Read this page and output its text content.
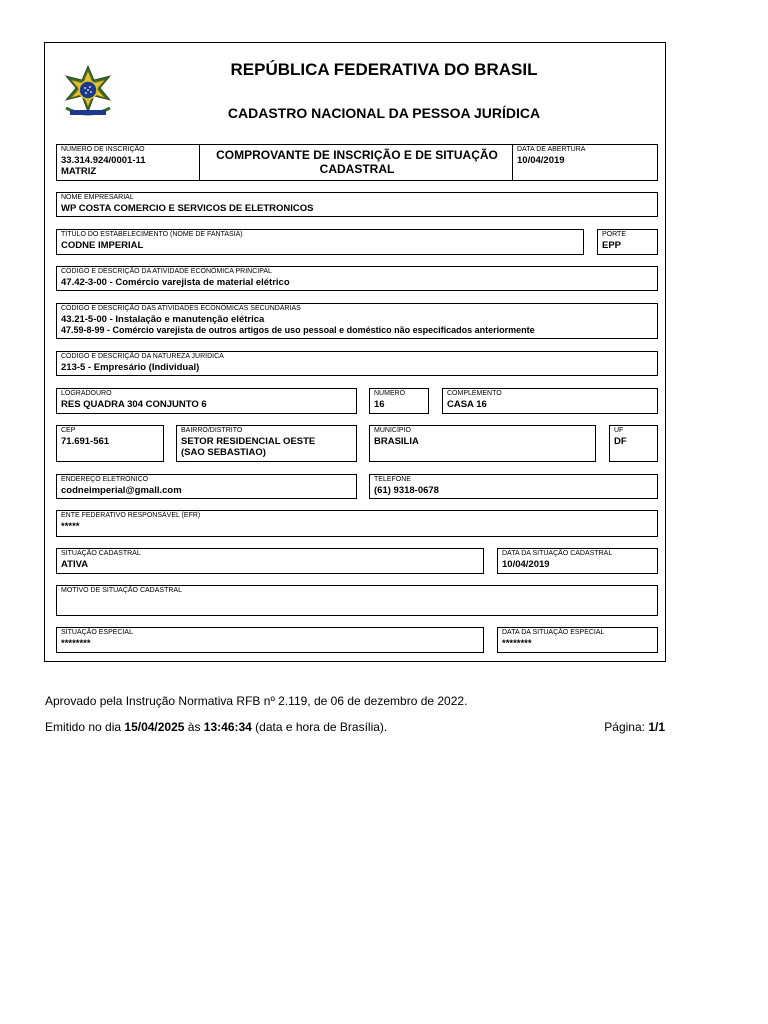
REPÚBLICA FEDERATIVA DO BRASIL
CADASTRO NACIONAL DA PESSOA JURÍDICA
NÚMERO DE INSCRIÇÃO
33.314.924/0001-11
MATRIZ
COMPROVANTE DE INSCRIÇÃO E DE SITUAÇÃO
CADASTRAL
DATA DE ABERTURA
10/04/2019
NOME EMPRESARIAL
WP COSTA COMERCIO E SERVICOS DE ELETRONICOS
TÍTULO DO ESTABELECIMENTO (NOME DE FANTASIA)
CODNE IMPERIAL
PORTE
EPP
CÓDIGO E DESCRIÇÃO DA ATIVIDADE ECONÔMICA PRINCIPAL
47.42-3-00 - Comércio varejista de material elétrico
CÓDIGO E DESCRIÇÃO DAS ATIVIDADES ECONÔMICAS SECUNDÁRIAS
43.21-5-00 - Instalação e manutenção elétrica
47.59-8-99 - Comércio varejista de outros artigos de uso pessoal e doméstico não especificados anteriormente
CÓDIGO E DESCRIÇÃO DA NATUREZA JURÍDICA
213-5 - Empresário (Individual)
LOGRADOURO
RES QUADRA 304 CONJUNTO 6
NÚMERO
16
COMPLEMENTO
CASA 16
CEP
71.691-561
BAIRRO/DISTRITO
SETOR RESIDENCIAL OESTE
(SAO SEBASTIAO)
MUNICÍPIO
BRASILIA
UF
DF
ENDEREÇO ELETRÔNICO
codneimperial@gmall.com
TELEFONE
(61) 9318-0678
ENTE FEDERATIVO RESPONSÁVEL (EFR)
*****
SITUAÇÃO CADASTRAL
ATIVA
DATA DA SITUAÇÃO CADASTRAL
10/04/2019
MOTIVO DE SITUAÇÃO CADASTRAL
SITUAÇÃO ESPECIAL
********
DATA DA SITUAÇÃO ESPECIAL
********
Aprovado pela Instrução Normativa RFB nº 2.119, de 06 de dezembro de 2022.
Emitido no dia 15/04/2025 às 13:46:34 (data e hora de Brasília).	Página: 1/1
